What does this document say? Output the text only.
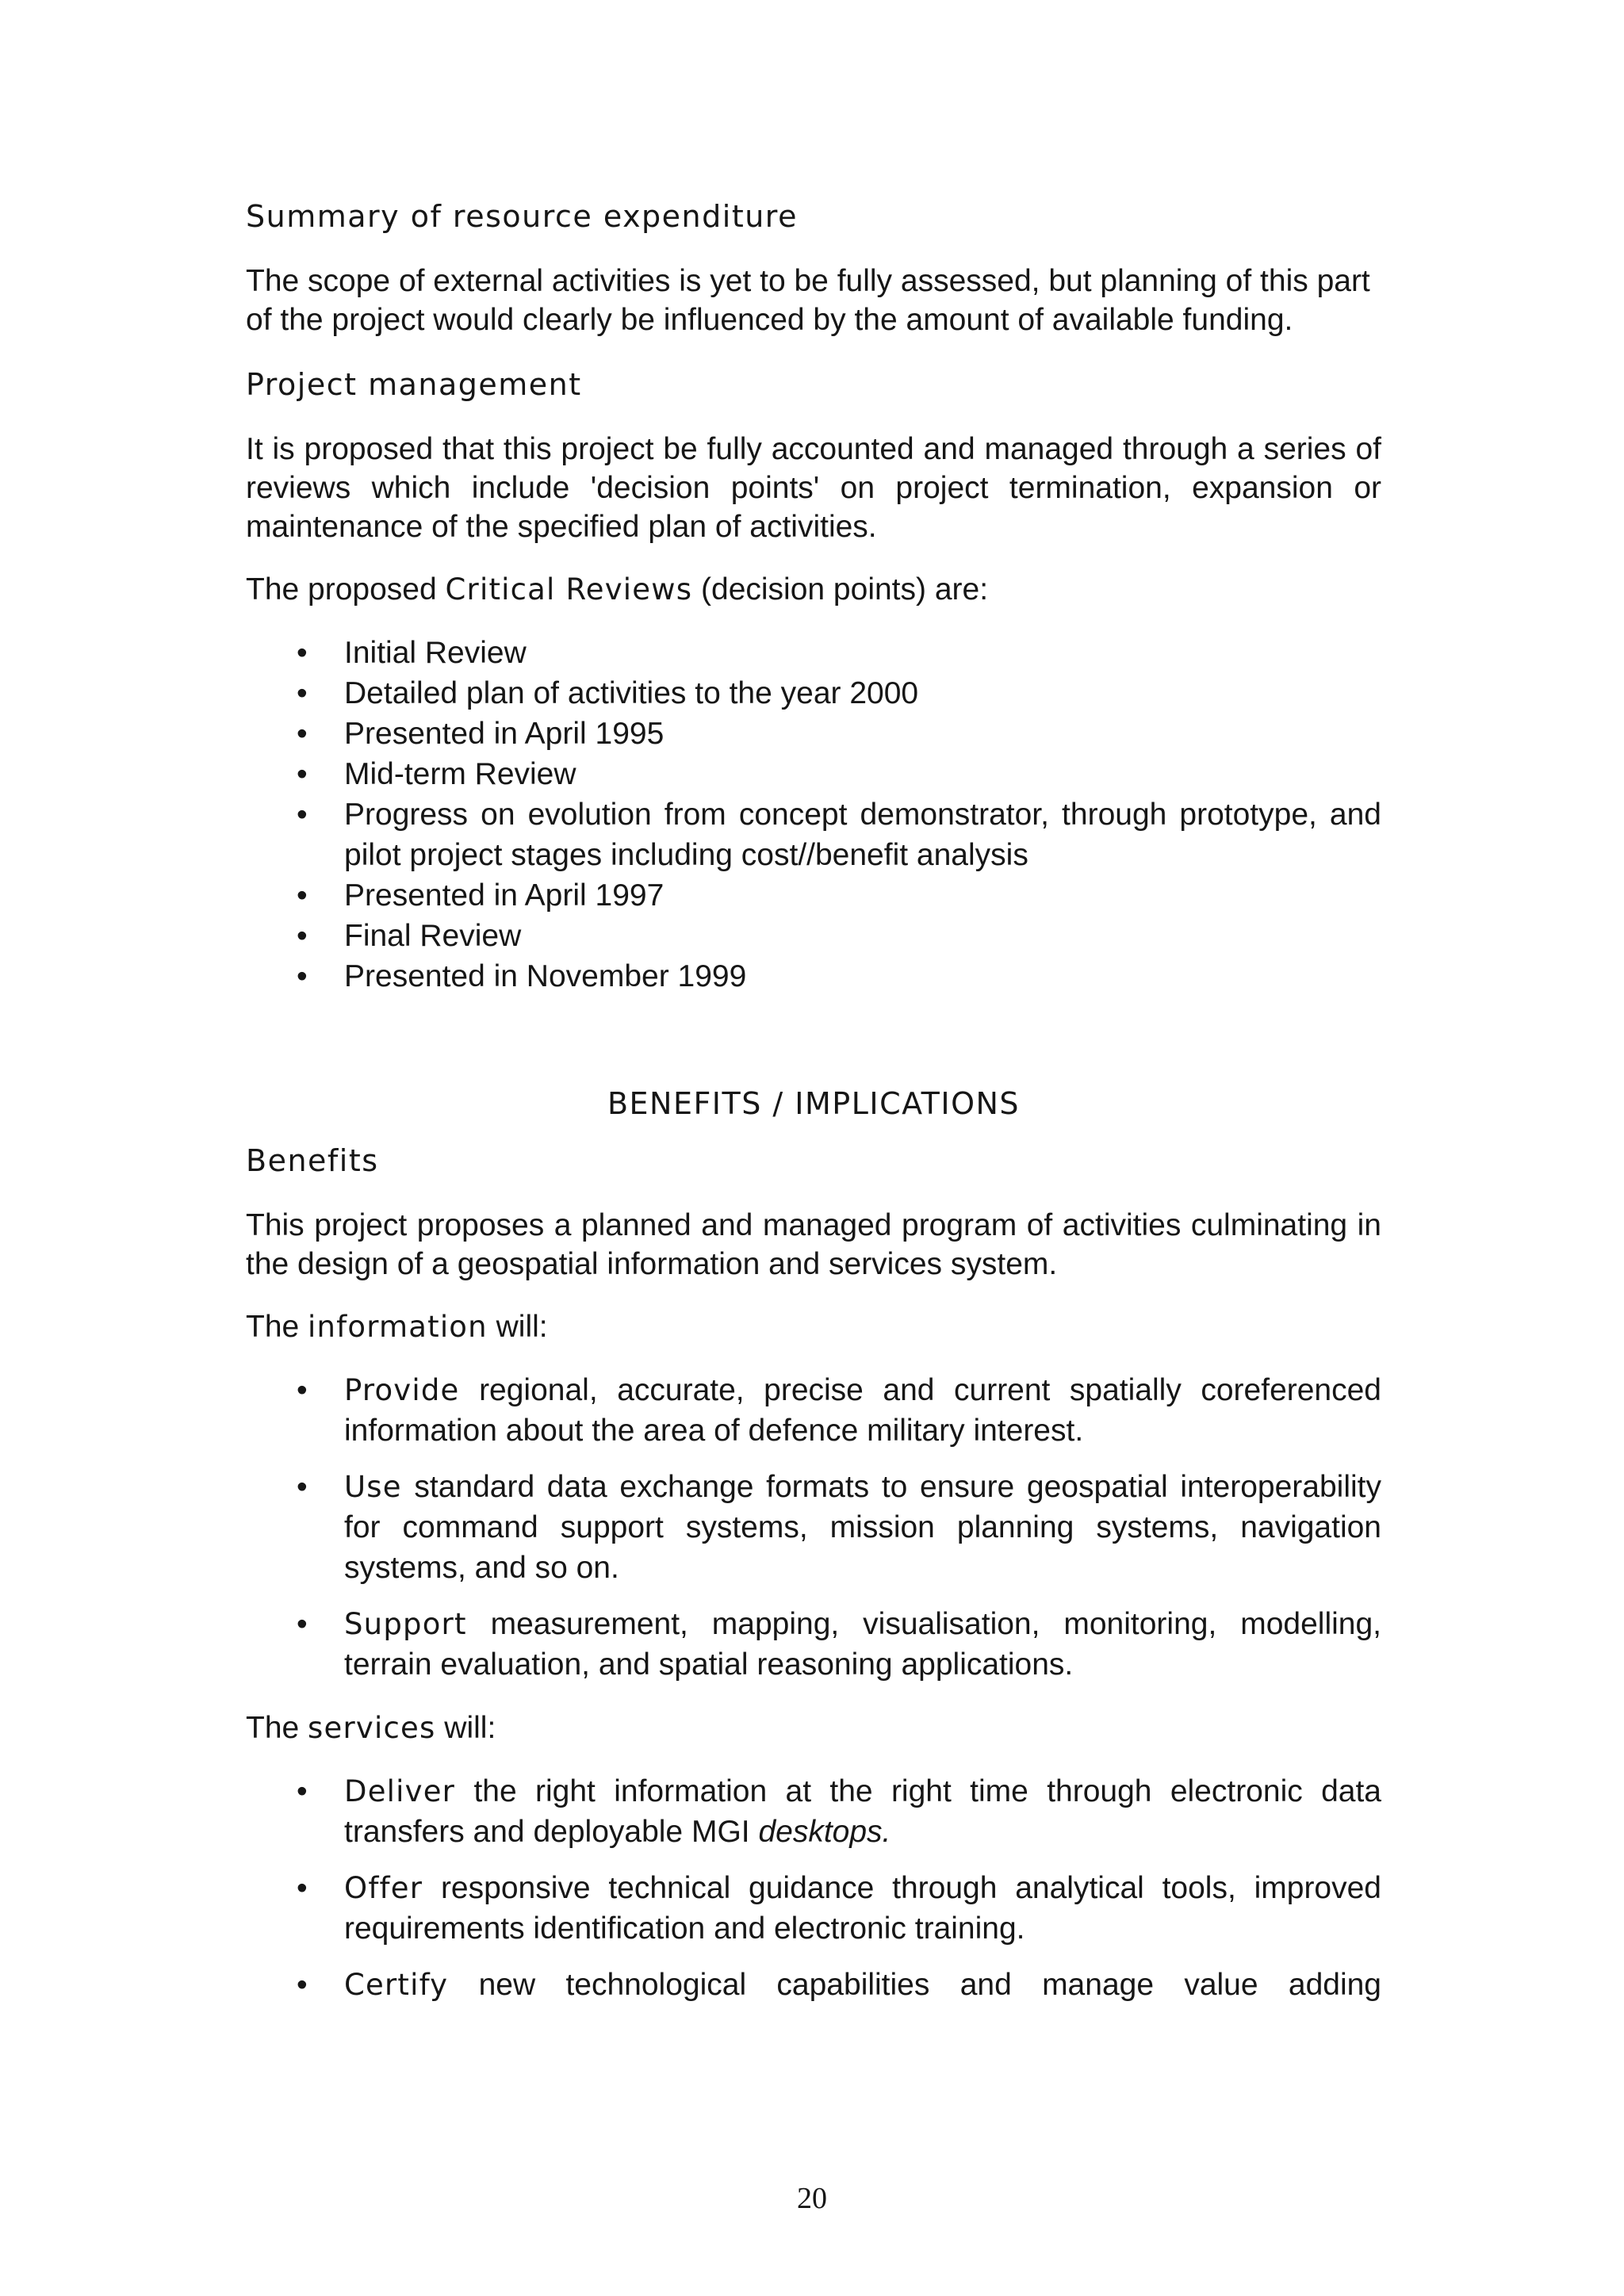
Summary of resource expenditure

The scope of external activities is yet to be fully assessed, but planning of this part of the project would clearly be influenced by the amount of available funding.

Project management

It is proposed that this project be fully accounted and managed through a series of reviews which include 'decision points' on project termination, expansion or maintenance of the specified plan of activities.

The proposed Critical Reviews (decision points) are:

• Initial Review
• Detailed plan of activities to the year 2000
• Presented in April 1995
• Mid-term Review
• Progress on evolution from concept demonstrator, through prototype, and pilot project stages including cost//benefit analysis
• Presented in April 1997
• Final Review
• Presented in November 1999
BENEFITS / IMPLICATIONS
Benefits

This project proposes a planned and managed program of activities culminating in the design of a geospatial information and services system.

The information will:

• Provide regional, accurate, precise and current spatially coreferenced information about the area of defence military interest.
• Use standard data exchange formats to ensure geospatial interoperability for command support systems, mission planning systems, navigation systems, and so on.
• Support measurement, mapping, visualisation, monitoring, modelling, terrain evaluation, and spatial reasoning applications.

The services will:

• Deliver the right information at the right time through electronic data transfers and deployable MGI desktops.
• Offer responsive technical guidance through analytical tools, improved requirements identification and electronic training.
• Certify new technological capabilities and manage value adding
20
